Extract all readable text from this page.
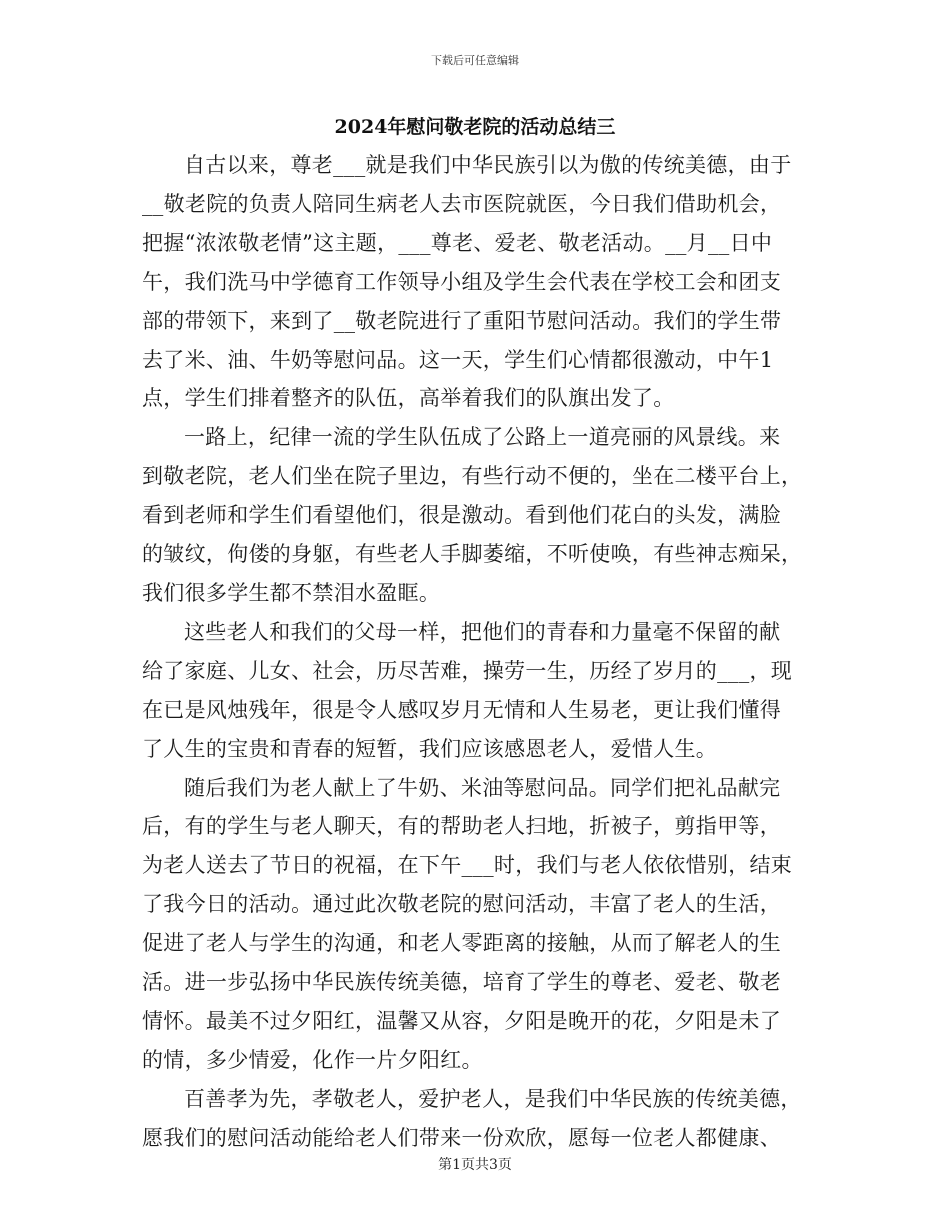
下载后可任意编辑
2024年慰问敬老院的活动总结三

自古以来，尊老___就是我们中华民族引以为傲的传统美德，由于
__敬老院的负责人陪同生病老人去市医院就医，今日我们借助机会，
把握“浓浓敬老情”这主题，___尊老、爱老、敬老活动。__月__日中
午，我们洗马中学德育工作领导小组及学生会代表在学校工会和团支
部的带领下，来到了__敬老院进行了重阳节慰问活动。我们的学生带
去了米、油、牛奶等慰问品。这一天，学生们心情都很激动，中午1
点，学生们排着整齐的队伍，高举着我们的队旗出发了。

一路上，纪律一流的学生队伍成了公路上一道亮丽的风景线。来
到敬老院，老人们坐在院子里边，有些行动不便的，坐在二楼平台上，
看到老师和学生们看望他们，很是激动。看到他们花白的头发，满脸
的皱纹，佝偻的身躯，有些老人手脚萎缩，不听使唤，有些神志痴呆，
我们很多学生都不禁泪水盈眶。

这些老人和我们的父母一样，把他们的青春和力量毫不保留的献
给了家庭、儿女、社会，历尽苦难，操劳一生，历经了岁月的___，现
在已是风烛残年，很是令人感叹岁月无情和人生易老，更让我们懂得
了人生的宝贵和青春的短暂，我们应该感恩老人，爱惜人生。

随后我们为老人献上了牛奶、米油等慰问品。同学们把礼品献完
后，有的学生与老人聊天，有的帮助老人扫地，折被子，剪指甲等，
为老人送去了节日的祝福，在下午___时，我们与老人依依惜别，结束
了我今日的活动。通过此次敬老院的慰问活动，丰富了老人的生活，
促进了老人与学生的沟通，和老人零距离的接触，从而了解老人的生
活。进一步弘扬中华民族传统美德，培育了学生的尊老、爱老、敬老
情怀。最美不过夕阳红，温馨又从容，夕阳是晚开的花，夕阳是未了
的情，多少情爱，化作一片夕阳红。

百善孝为先，孝敬老人，爱护老人，是我们中华民族的传统美德，
愿我们的慰问活动能给老人们带来一份欢欣，愿每一位老人都健康、

第1页共3页
